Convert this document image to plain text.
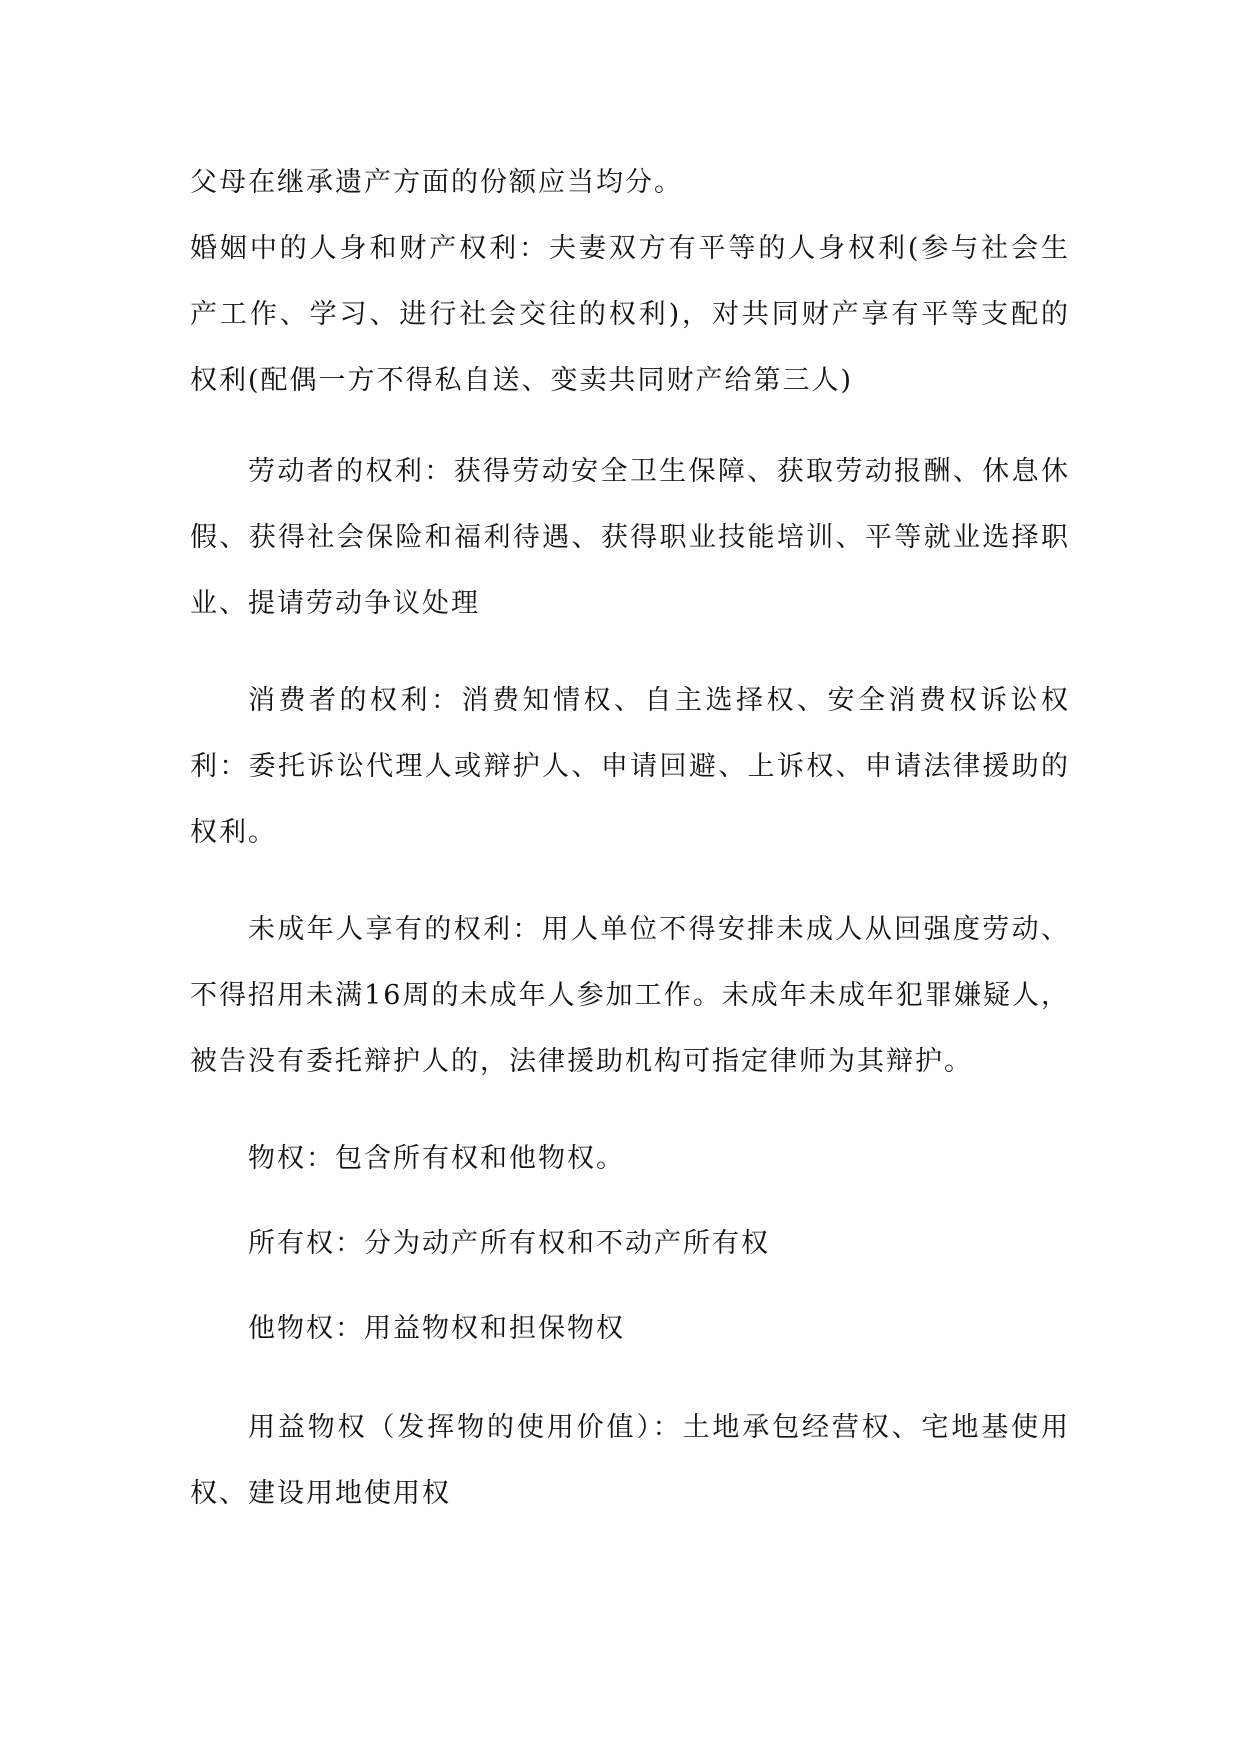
父母在继承遗产方面的份额应当均分。

婚姻中的人身和财产权利：夫妻双方有平等的人身权利(参与社会生产工作、学习、进行社会交往的权利)，对共同财产享有平等支配的权利(配偶一方不得私自送、变卖共同财产给第三人)

劳动者的权利：获得劳动安全卫生保障、获取劳动报酬、休息休假、获得社会保险和福利待遇、获得职业技能培训、平等就业选择职业、提请劳动争议处理

消费者的权利：消费知情权、自主选择权、安全消费权诉讼权利：委托诉讼代理人或辩护人、申请回避、上诉权、申请法律援助的权利。

未成年人享有的权利：用人单位不得安排未成人从回强度劳动、不得招用未满16周的未成年人参加工作。未成年未成年犯罪嫌疑人，被告没有委托辩护人的，法律援助机构可指定律师为其辩护。

物权：包含所有权和他物权。

所有权：分为动产所有权和不动产所有权

他物权：用益物权和担保物权

用益物权（发挥物的使用价值）：土地承包经营权、宅地基使用权、建设用地使用权
